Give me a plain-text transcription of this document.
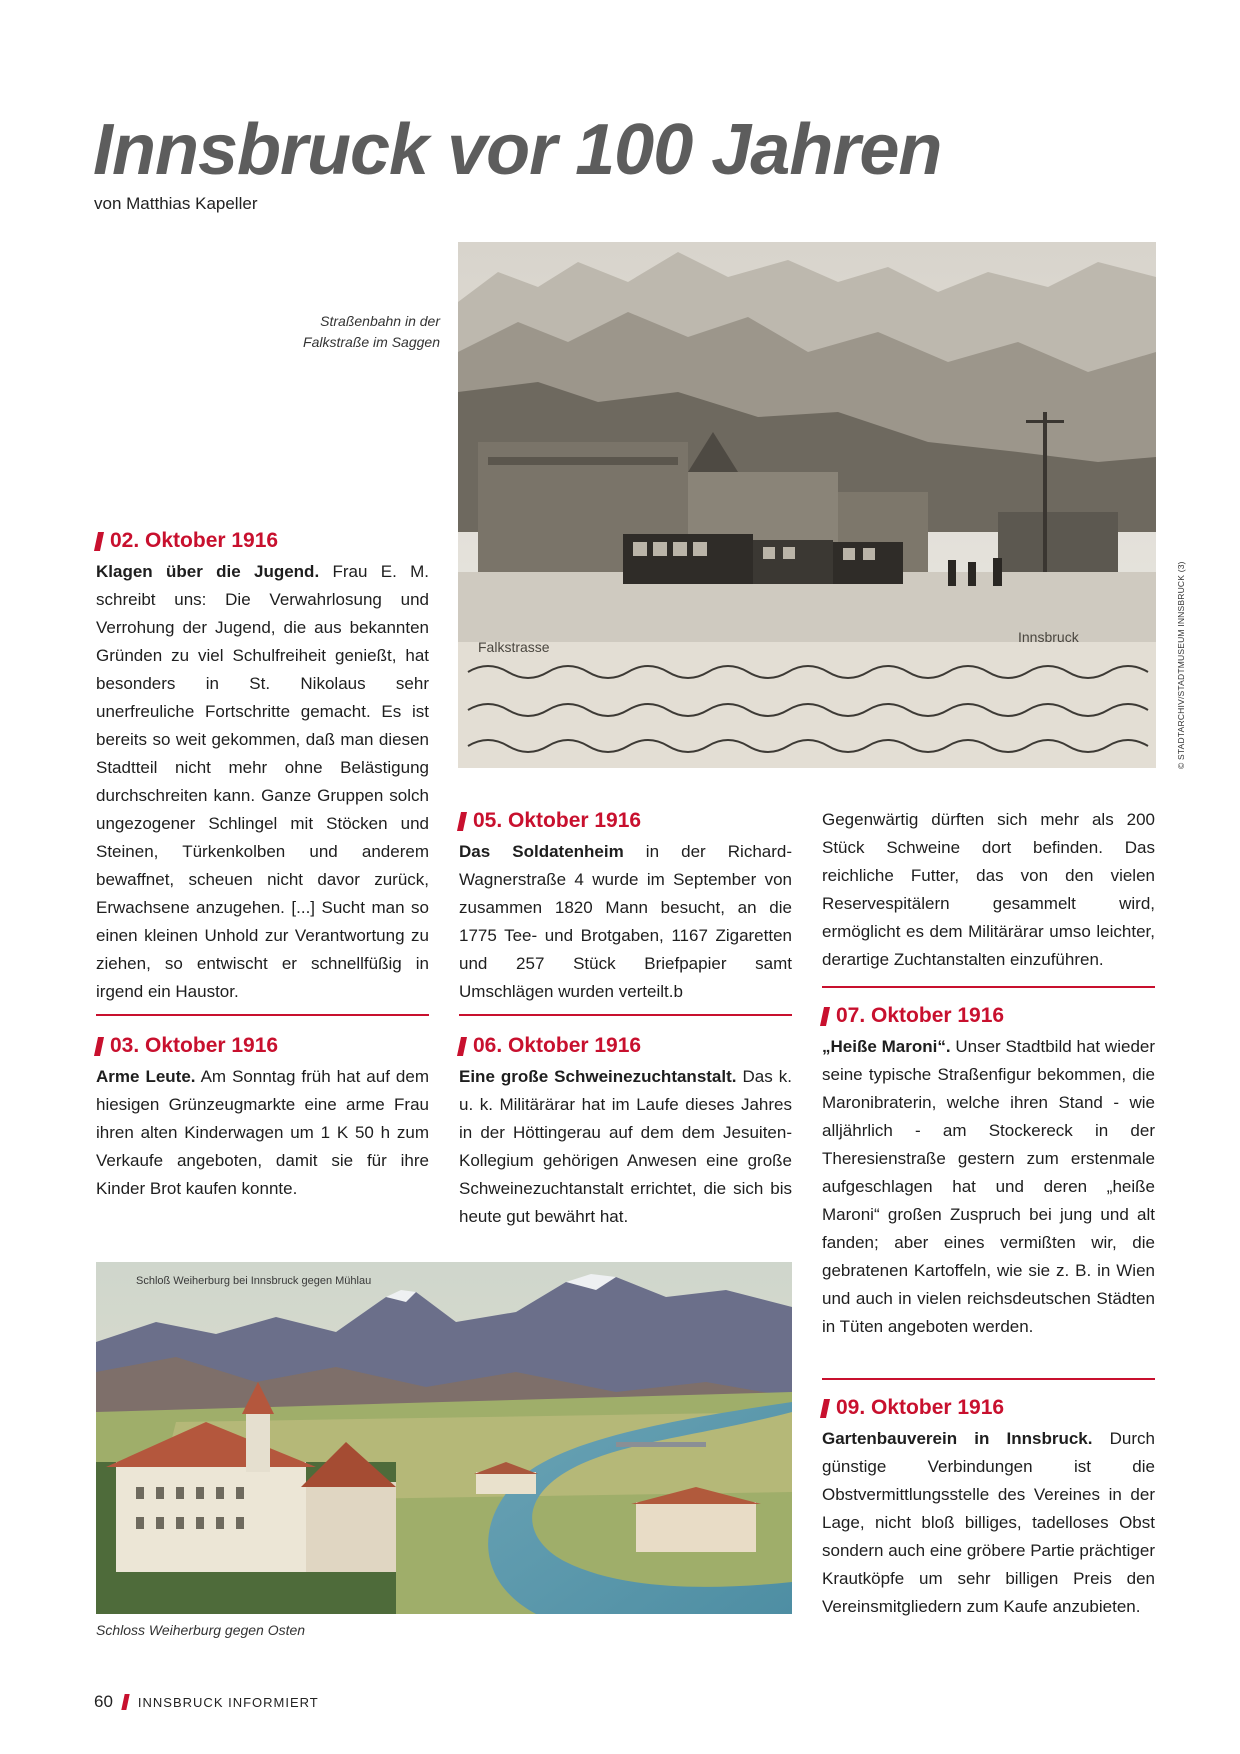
Innsbruck vor 100 Jahren
von Matthias Kapeller
Straßenbahn in der
Falkstraße im Saggen
Falkstrasse
Innsbruck	© STADTARCHIV/STADTMUSEUM INNSBRUCK (3)
02. Oktober 1916

Klagen über die Jugend. Frau E. M. schreibt uns: Die Verwahrlosung und Verrohung der Jugend, die aus bekannten Gründen zu viel Schulfreiheit genießt, hat besonders in St. Nikolaus sehr unerfreuliche Fortschritte gemacht. Es ist bereits so weit gekommen, daß man diesen Stadtteil nicht mehr ohne Belästigung durchschreiten kann. Ganze Gruppen solch ungezogener Schlingel mit Stöcken und Steinen, Türkenkolben und anderem bewaffnet, scheuen nicht davor zurück, Erwachsene anzugehen. [...] Sucht man so einen kleinen Unhold zur Verantwortung zu ziehen, so entwischt er schnellfüßig in irgend ein Haustor.

03. Oktober 1916

Arme Leute. Am Sonntag früh hat auf dem hiesigen Grünzeugmarkte eine arme Frau ihren alten Kinderwagen um 1 K 50 h zum Verkaufe angeboten, damit sie für ihre Kinder Brot kaufen konnte.

05. Oktober 1916

Das Soldatenheim in der Richard-Wagnerstraße 4 wurde im September von zusammen 1820 Mann besucht, an die 1775 Tee- und Brotgaben, 1167 Zigaretten und 257 Stück Briefpapier samt Umschlägen wurden verteilt.b

06. Oktober 1916

Eine große Schweinezuchtanstalt. Das k. u. k. Militärärar hat im Laufe dieses Jahres in der Höttingerau auf dem dem Jesuiten-Kollegium gehörigen Anwesen eine große Schweinezuchtanstalt errichtet, die sich bis heute gut bewährt hat.

Gegenwärtig dürften sich mehr als 200 Stück Schweine dort befinden. Das reichliche Futter, das von den vielen Reservespitälern gesammelt wird, ermöglicht es dem Militärärar umso leichter, derartige Zuchtanstalten einzuführen.

07. Oktober 1916

„Heiße Maroni“. Unser Stadtbild hat wieder seine typische Straßenfigur bekommen, die Maronibraterin, welche ihren Stand - wie alljährlich - am Stockereck in der Theresienstraße gestern zum erstenmale aufgeschlagen hat und deren „heiße Maroni“ großen Zuspruch bei jung und alt fanden; aber eines vermißten wir, die gebratenen Kartoffeln, wie sie z. B. in Wien und auch in vielen reichsdeutschen Städten in Tüten angeboten werden.

09. Oktober 1916

Gartenbauverein in Innsbruck. Durch günstige Verbindungen ist die Obstvermittlungsstelle des Vereines in der Lage, nicht bloß billiges, tadelloses Obst sondern auch eine gröbere Partie prächtiger Krautköpfe um sehr billigen Preis den Vereinsmitgliedern zum Kaufe anzubieten.

Schloß Weiherburg bei Innsbruck gegen Mühlau
Schloss Weiherburg gegen Osten
60 INNSBRUCK INFORMIERT
